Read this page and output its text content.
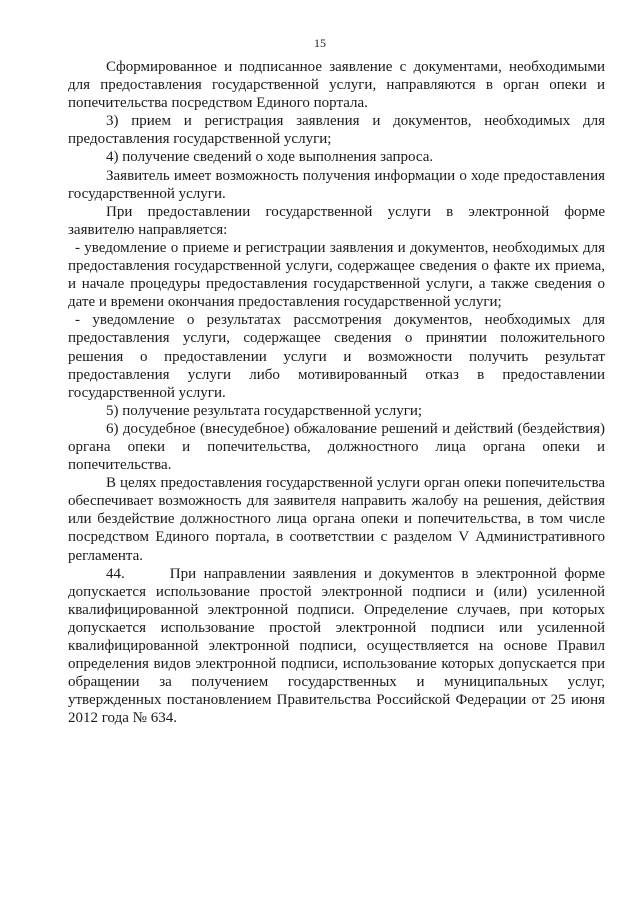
15

Сформированное и подписанное заявление с документами, необходимыми для предоставления государственной услуги, направляются в орган опеки и попечительства посредством Единого портала.

3) прием и регистрация заявления и документов, необходимых для предоставления государственной услуги;

4) получение сведений о ходе выполнения запроса.

Заявитель имеет возможность получения информации о ходе предоставления государственной услуги.

При предоставлении государственной услуги в электронной форме заявителю направляется:

- уведомление о приеме и регистрации заявления и документов, необходимых для предоставления государственной услуги, содержащее сведения о факте их приема, и начале процедуры предоставления государственной услуги, а также сведения о дате и времени окончания предоставления государственной услуги;

- уведомление о результатах рассмотрения документов, необходимых для предоставления услуги, содержащее сведения о принятии положительного решения о предоставлении услуги и возможности получить результат предоставления услуги либо мотивированный отказ в предоставлении государственной услуги.

5) получение результата государственной услуги;

6) досудебное (внесудебное) обжалование решений и действий (бездействия) органа опеки и попечительства, должностного лица органа опеки и попечительства.

В целях предоставления государственной услуги орган опеки попечительства обеспечивает возможность для заявителя направить жалобу на решения, действия или бездействие должностного лица органа опеки и попечительства, в том числе посредством Единого портала, в соответствии с разделом V Административного регламента.

44.      При направлении заявления и документов в электронной форме допускается использование простой электронной подписи и (или) усиленной квалифицированной электронной подписи. Определение случаев, при которых допускается использование простой электронной подписи или усиленной квалифицированной электронной подписи, осуществляется на основе Правил определения видов электронной подписи, использование которых допускается при обращении за получением государственных и муниципальных услуг, утвержденных постановлением Правительства Российской Федерации от 25 июня 2012 года № 634.
